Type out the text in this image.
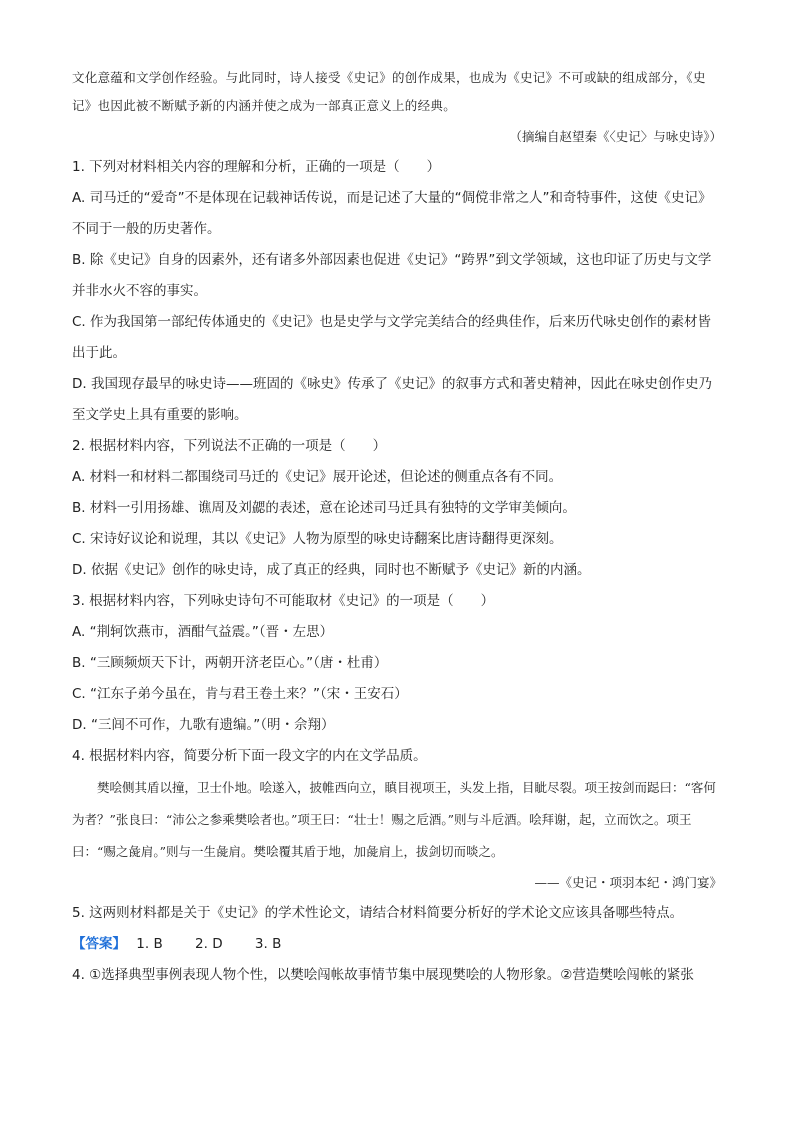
文化意蕴和文学创作经验。与此同时，诗人接受《史记》的创作成果，也成为《史记》不可或缺的组成部分，《史记》也因此被不断赋予新的内涵并使之成为一部真正意义上的经典。
（摘编自赵望秦《〈史记〉与咏史诗》）

1. 下列对材料相关内容的理解和分析，正确的一项是（　　）

A. 司马迁的“爱奇”不是体现在记载神话传说，而是记述了大量的“倜傥非常之人”和奇特事件，这使《史记》不同于一般的历史著作。

B. 除《史记》自身的因素外，还有诸多外部因素也促进《史记》“跨界”到文学领域，这也印证了历史与文学并非水火不容的事实。

C. 作为我国第一部纪传体通史的《史记》也是史学与文学完美结合的经典佳作，后来历代咏史创作的素材皆出于此。

D. 我国现存最早的咏史诗——班固的《咏史》传承了《史记》的叙事方式和著史精神，因此在咏史创作史乃至文学史上具有重要的影响。

2. 根据材料内容，下列说法不正确的一项是（　　）

A. 材料一和材料二都围绕司马迁的《史记》展开论述，但论述的侧重点各有不同。

B. 材料一引用扬雄、谯周及刘勰的表述，意在论述司马迁具有独特的文学审美倾向。

C. 宋诗好议论和说理，其以《史记》人物为原型的咏史诗翻案比唐诗翻得更深刻。

D. 依据《史记》创作的咏史诗，成了真正的经典，同时也不断赋予《史记》新的内涵。

3. 根据材料内容，下列咏史诗句不可能取材《史记》的一项是（　　）

A. “荆轲饮燕市，酒酣气益震。”（晋・左思）

B. “三顾频烦天下计，两朝开济老臣心。”（唐・杜甫）

C. “江东子弟今虽在，肯与君王卷土来？”（宋・王安石）

D. “三闾不可作，九歌有遗编。”（明・佘翔）

4. 根据材料内容，简要分析下面一段文字的内在文学品质。

樊哙侧其盾以撞，卫士仆地。哙遂入，披帷西向立，瞋目视项王，头发上指，目眦尽裂。项王按剑而跽曰：“客何为者？”张良曰：“沛公之参乘樊哙者也。”项王曰：“壮士！赐之卮酒。”则与斗卮酒。哙拜谢，起，立而饮之。项王曰：“赐之彘肩。”则与一生彘肩。樊哙覆其盾于地，加彘肩上，拔剑切而啖之。

——《史记・项羽本纪・鸿门宴》

5. 这两则材料都是关于《史记》的学术性论文，请结合材料简要分析好的学术论文应该具备哪些特点。

【答案】 1. B 2. D 3. B

4. ①选择典型事例表现人物个性，以樊哙闯帐故事情节集中展现樊哙的人物形象。②营造樊哙闯帐的紧张
